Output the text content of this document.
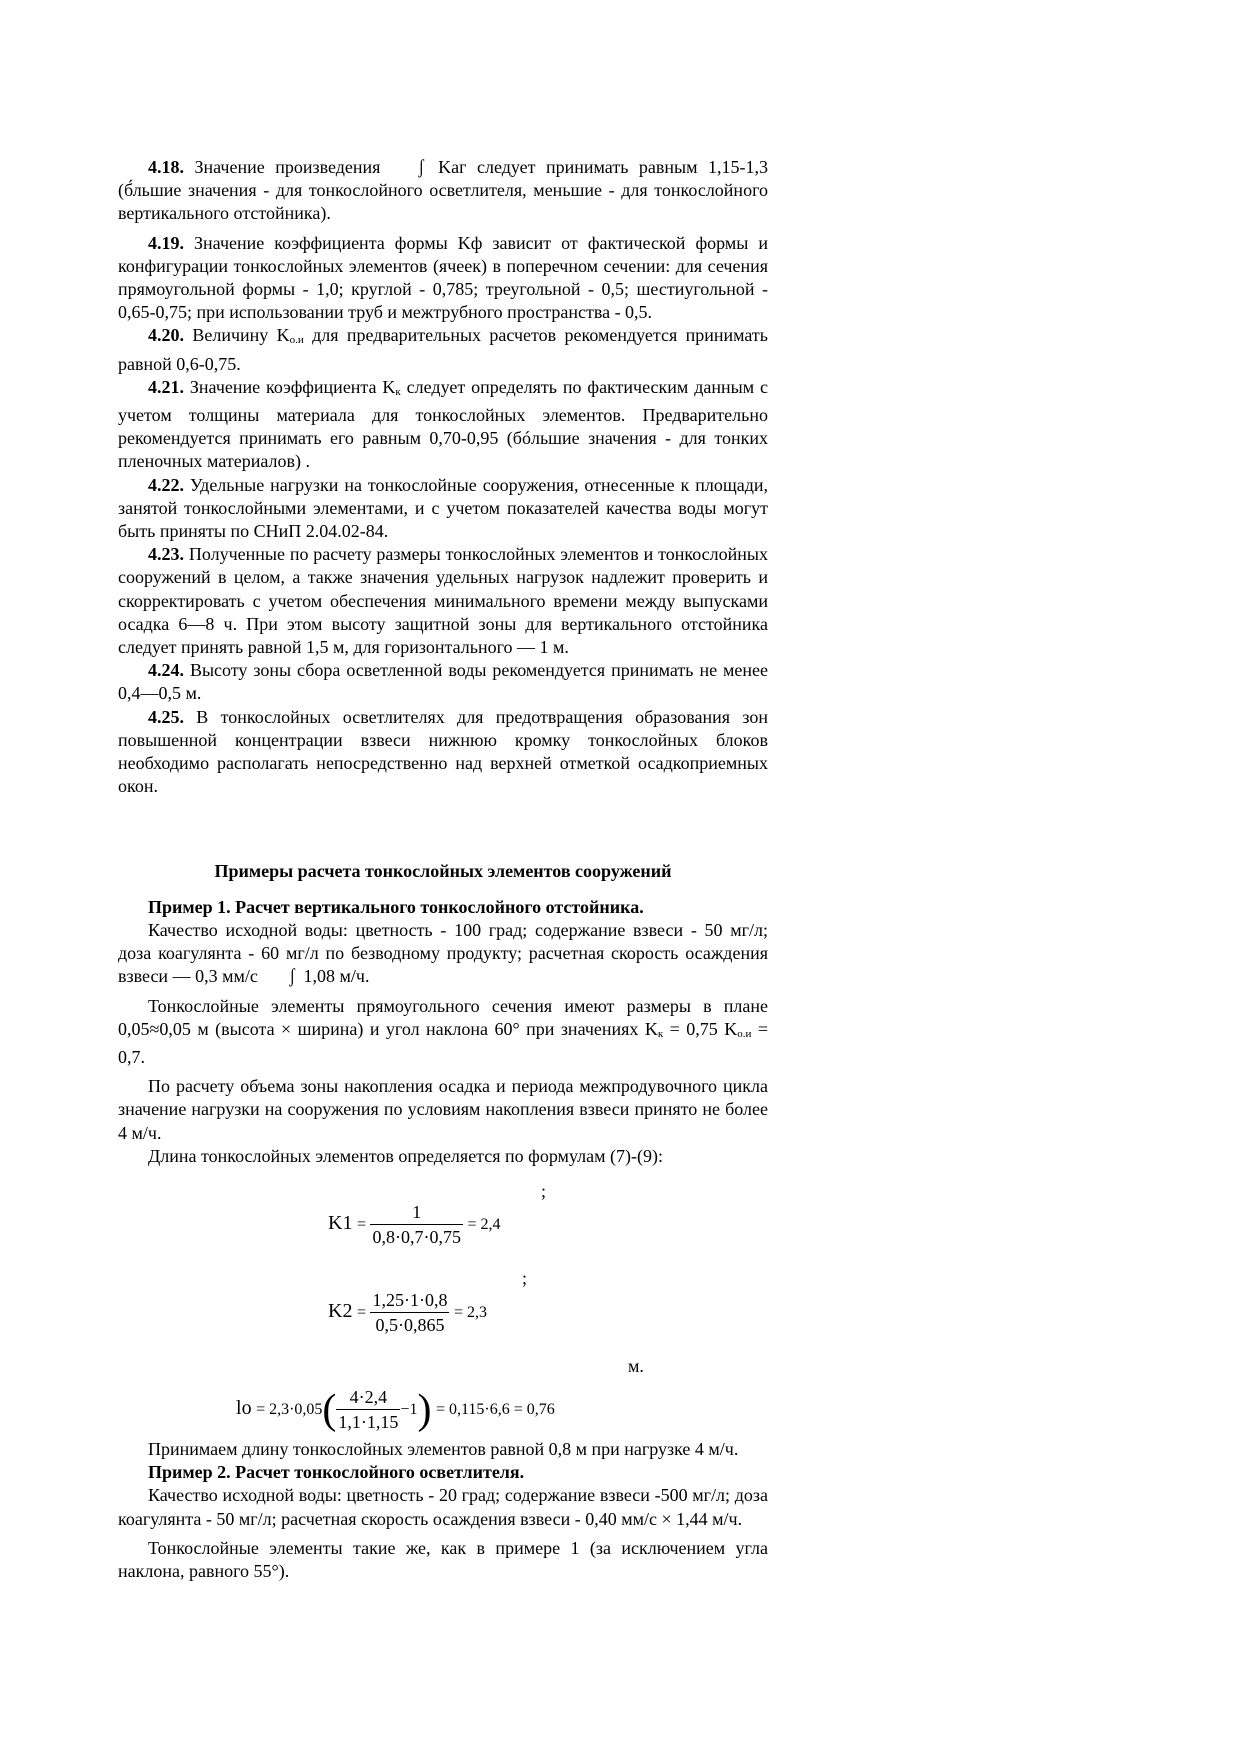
4.18. Значение произведения ʃ Kаг следует принимать равным 1,15-1,3 (б́льшие значения - для тонкослойного осветлителя, меньшие - для тонкослойного вертикального отстойника).

4.19. Значение коэффициента формы Kф зависит от фактической формы и конфигурации тонкослойных элементов (ячеек) в поперечном сечении: для сечения прямоугольной формы - 1,0; круглой - 0,785; треугольной - 0,5; шестиугольной - 0,65-0,75; при использовании труб и межтрубного пространства - 0,5.

4.20. Величину Kо.и для предварительных расчетов рекомендуется принимать равной 0,6-0,75.

4.21. Значение коэффициента Kк следует определять по фактическим данным с учетом толщины материала для тонкослойных элементов. Предварительно рекомендуется принимать его равным 0,70-0,95 (бóльшие значения - для тонких пленочных материалов) .

4.22. Удельные нагрузки на тонкослойные сооружения, отнесенные к площади, занятой тонкослойными элементами, и с учетом показателей качества воды могут быть приняты по СНиП 2.04.02-84.

4.23. Полученные по расчету размеры тонкослойных элементов и тонкослойных сооружений в целом, а также значения удельных нагрузок надлежит проверить и скорректировать с учетом обеспечения минимального времени между выпусками осадка 6—8 ч. При этом высоту защитной зоны для вертикального отстойника следует принять равной 1,5 м, для горизонтального — 1 м.

4.24. Высоту зоны сбора осветленной воды рекомендуется принимать не менее 0,4—0,5 м.

4.25. В тонкослойных осветлителях для предотвращения образования зон повышенной концентрации взвеси нижнюю кромку тонкослойных блоков необходимо располагать непосредственно над верхней отметкой осадкоприемных окон.

Примеры расчета тонкослойных элементов сооружений

Пример 1. Расчет вертикального тонкослойного отстойника.

Качество исходной воды: цветность - 100 град; содержание взвеси - 50 мг/л; доза коагулянта - 60 мг/л по безводному продукту; расчетная скорость осаждения взвеси — 0,3 мм/с ʃ 1,08 м/ч.

Тонкослойные элементы прямоугольного сечения имеют размеры в плане 0,05≈0,05 м (высота × ширина) и угол наклона 60° при значениях Kк = 0,75 Kо.и = 0,7.

По расчету объема зоны накопления осадка и периода межпродувочного цикла значение нагрузки на сооружения по условиям накопления взвеси принято не более 4 м/ч.

Длина тонкослойных элементов определяется по формулам (7)-(9):

;
$K1 = \frac{1}{0,8\cdot 0,7\cdot 0,75} = 2,4$
;
$K2 = \frac{1,25\cdot 1\cdot 0,8}{0,5\cdot 0,865} = 2,3$
м.
lo = $2,3\cdot 0,05( \frac{4\cdot 2,4}{1,1\cdot 1,15} -1) = 0,115\cdot 6,6 = 0,76$

Принимаем длину тонкослойных элементов равной 0,8 м при нагрузке 4 м/ч.

Пример 2. Расчет тонкослойного осветлителя.

Качество исходной воды: цветность - 20 град; содержание взвеси -500 мг/л; доза коагулянта - 50 мг/л; расчетная скорость осаждения взвеси - 0,40 мм/с × 1,44 м/ч.

Тонкослойные элементы такие же, как в примере 1 (за исключением угла наклона, равного 55°).
